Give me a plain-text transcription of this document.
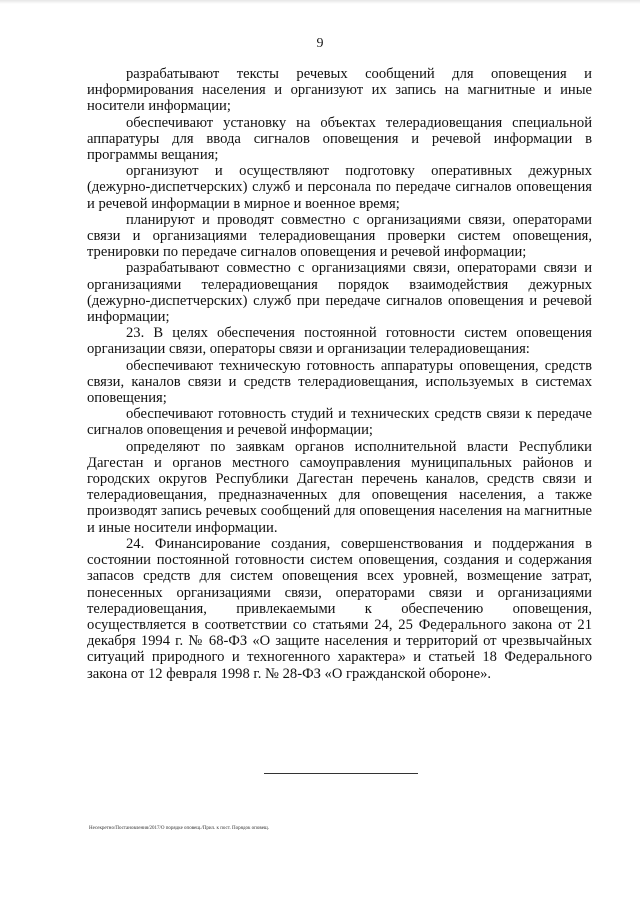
9

разрабатывают тексты речевых сообщений для оповещения и информирования населения и организуют их запись на магнитные и иные носители информации;

обеспечивают установку на объектах телерадиовещания специальной аппаратуры для ввода сигналов оповещения и речевой информации в программы вещания;

организуют и осуществляют подготовку оперативных дежурных (дежурно-диспетчерских) служб и персонала по передаче сигналов оповещения и речевой информации в мирное и военное время;

планируют и проводят совместно с организациями связи, операторами связи и организациями телерадиовещания проверки систем оповещения, тренировки по передаче сигналов оповещения и речевой информации;

разрабатывают совместно с организациями связи, операторами связи и организациями телерадиовещания порядок взаимодействия дежурных (дежурно-диспетчерских) служб при передаче сигналов оповещения и речевой информации;

23. В целях обеспечения постоянной готовности систем оповещения организации связи, операторы связи и организации телерадиовещания:

обеспечивают техническую готовность аппаратуры оповещения, средств связи, каналов связи и средств телерадиовещания, используемых в системах оповещения;

обеспечивают готовность студий и технических средств связи к передаче сигналов оповещения и речевой информации;

определяют по заявкам органов исполнительной власти Республики Дагестан и органов местного самоуправления муниципальных районов и городских округов Республики Дагестан перечень каналов, средств связи и телерадиовещания, предназначенных для оповещения населения, а также производят запись речевых сообщений для оповещения населения на магнитные и иные носители информации.

24. Финансирование создания, совершенствования и поддержания в состоянии постоянной готовности систем оповещения, создания и содержания запасов средств для систем оповещения всех уровней, возмещение затрат, понесенных организациями связи, операторами связи и организациями телерадиовещания, привлекаемыми к обеспечению оповещения, осуществляется в соответствии со статьями 24, 25 Федерального закона от 21 декабря 1994 г. № 68-ФЗ «О защите населения и территорий от чрезвычайных ситуаций природного и техногенного характера» и статьей 18 Федерального закона от 12 февраля 1998 г. № 28-ФЗ «О гражданской обороне».

Несекретно/Постановления/2017/О порядке оповещ./Прил. к пост. Порядок оповещ.
